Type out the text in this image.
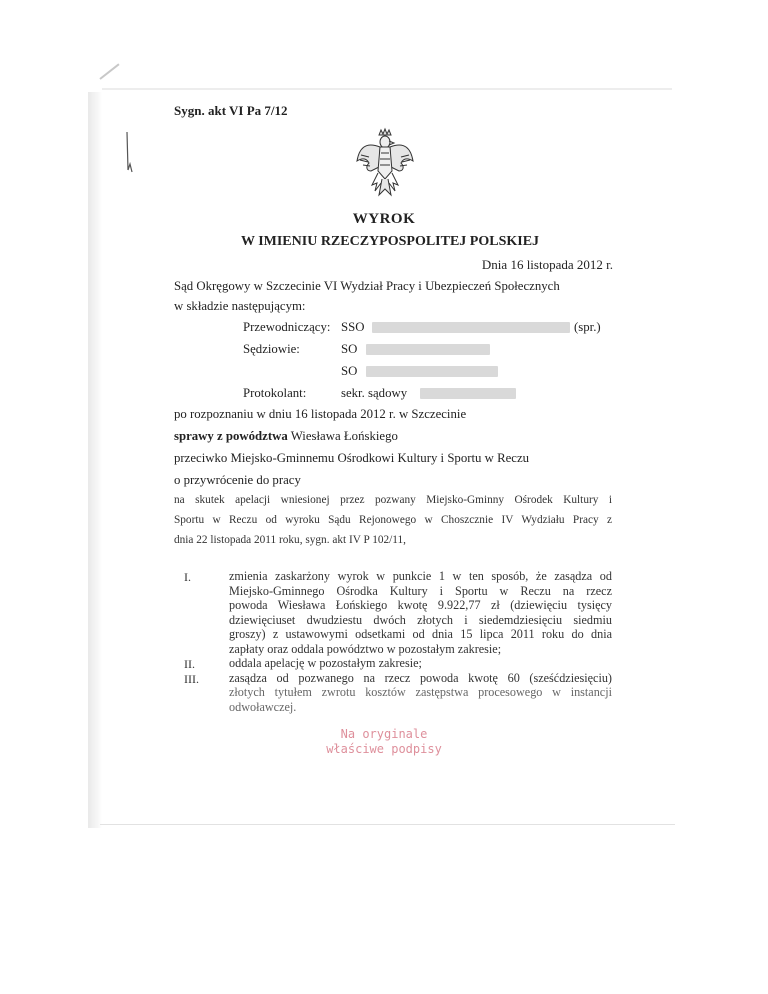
Sygn. akt VI Pa 7/12
WYROK
W IMIENIU RZECZYPOSPOLITEJ POLSKIEJ
Dnia 16 listopada 2012 r.
Sąd Okręgowy w Szczecinie VI Wydział Pracy i Ubezpieczeń Społecznych
w składzie następującym:
Przewodniczący: SSO	(spr.)
Sędziowie:	SO
SO
Protokolant:	sekr. sądowy
po rozpoznaniu w dniu 16 listopada 2012 r. w Szczecinie
sprawy z powództwa Wiesława Łońskiego
przeciwko Miejsko-Gminnemu Ośrodkowi Kultury i Sportu w Reczu
o przywrócenie do pracy
na skutek apelacji wniesionej przez pozwany Miejsko-Gminny Ośrodek Kultury i
Sportu w Reczu od wyroku Sądu Rejonowego w Choszcznie IV Wydziału Pracy z
dnia 22 listopada 2011 roku, sygn. akt IV P 102/11,
I.	zmienia zaskarżony wyrok w punkcie 1 w ten sposób, że zasądza od
Miejsko-Gminnego Ośrodka Kultury i Sportu w Reczu na rzecz
powoda Wiesława Łońskiego kwotę 9.922,77 zł (dziewięciu tysięcy
dziewięciuset dwudziestu dwóch złotych i siedemdziesięciu siedmiu
groszy) z ustawowymi odsetkami od dnia 15 lipca 2011 roku do dnia
zapłaty oraz oddala powództwo w pozostałym zakresie;
II.	oddala apelację w pozostałym zakresie;
III. zasądza od pozwanego na rzecz powoda kwotę 60 (sześćdziesięciu)
złotych tytułem zwrotu kosztów zastępstwa procesowego w instancji
odwoławczej.
Na oryginale
właściwe podpisy
